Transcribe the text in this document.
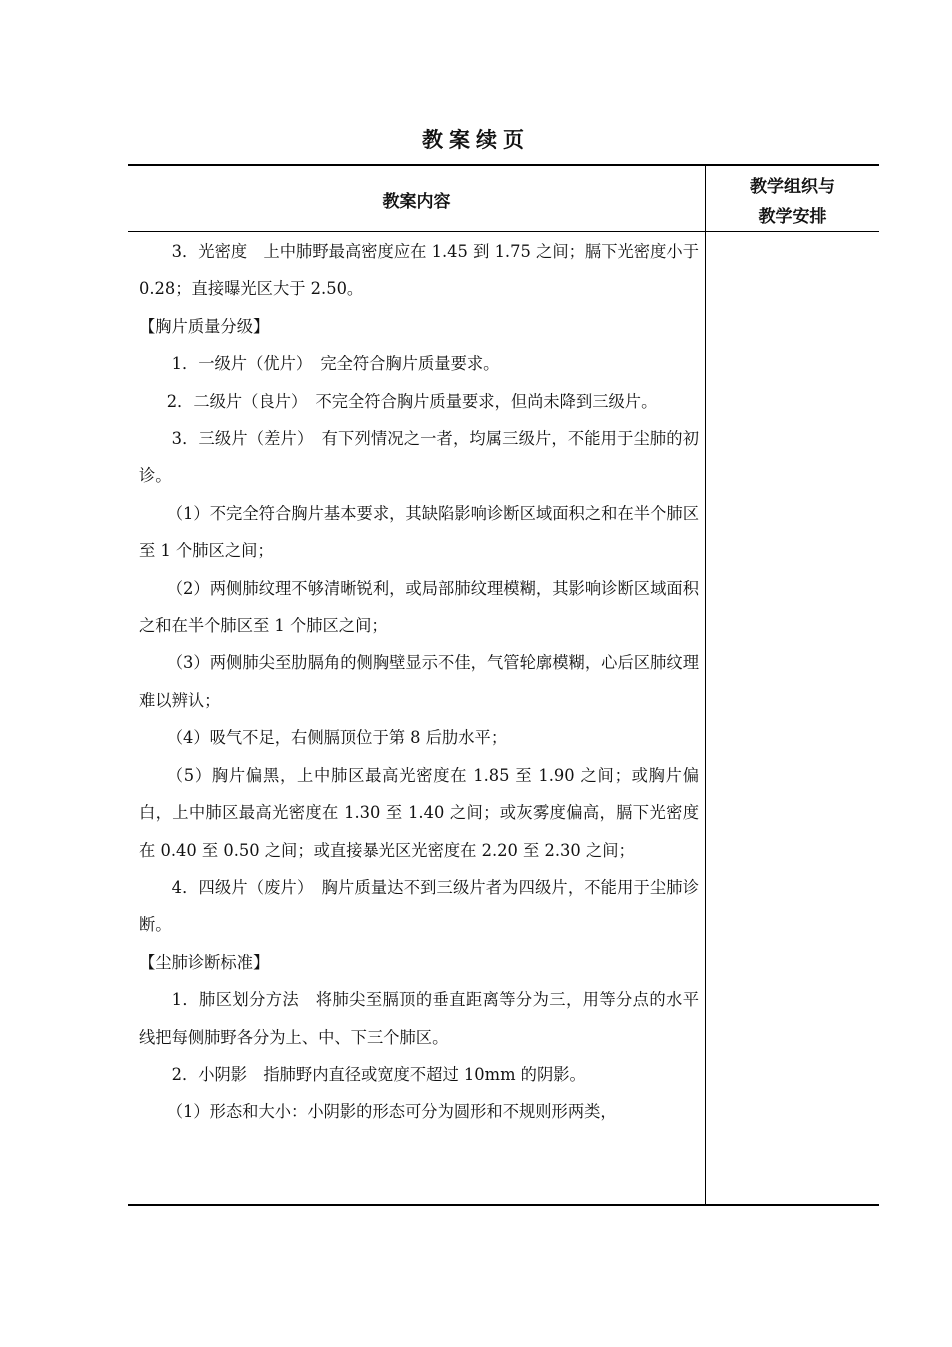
教案续页
教案内容
教学组织与
教学安排

3．光密度　上中肺野最高密度应在 1.45 到 1.75 之间；膈下光密度小于 0.28；直接曝光区大于 2.50。

【胸片质量分级】

1．一级片（优片）　完全符合胸片质量要求。

2．二级片（良片）　不完全符合胸片质量要求，但尚未降到三级片。

3．三级片（差片）　有下列情况之一者，均属三级片，不能用于尘肺的初诊。

（1）不完全符合胸片基本要求，其缺陷影响诊断区域面积之和在半个肺区至 1 个肺区之间；

（2）两侧肺纹理不够清晰锐利，或局部肺纹理模糊，其影响诊断区域面积之和在半个肺区至 1 个肺区之间；

（3）两侧肺尖至肋膈角的侧胸壁显示不佳，气管轮廓模糊，心后区肺纹理难以辨认；

（4）吸气不足，右侧膈顶位于第 8 后肋水平；

（5）胸片偏黑，上中肺区最高光密度在 1.85 至 1.90 之间；或胸片偏白，上中肺区最高光密度在 1.30 至 1.40 之间；或灰雾度偏高，膈下光密度在 0.40 至 0.50 之间；或直接暴光区光密度在 2.20 至 2.30 之间；

4．四级片（废片）　胸片质量达不到三级片者为四级片，不能用于尘肺诊断。

【尘肺诊断标准】

1．肺区划分方法　将肺尖至膈顶的垂直距离等分为三，用等分点的水平线把每侧肺野各分为上、中、下三个肺区。

2．小阴影　指肺野内直径或宽度不超过 10mm 的阴影。

（1）形态和大小：小阴影的形态可分为圆形和不规则形两类，
